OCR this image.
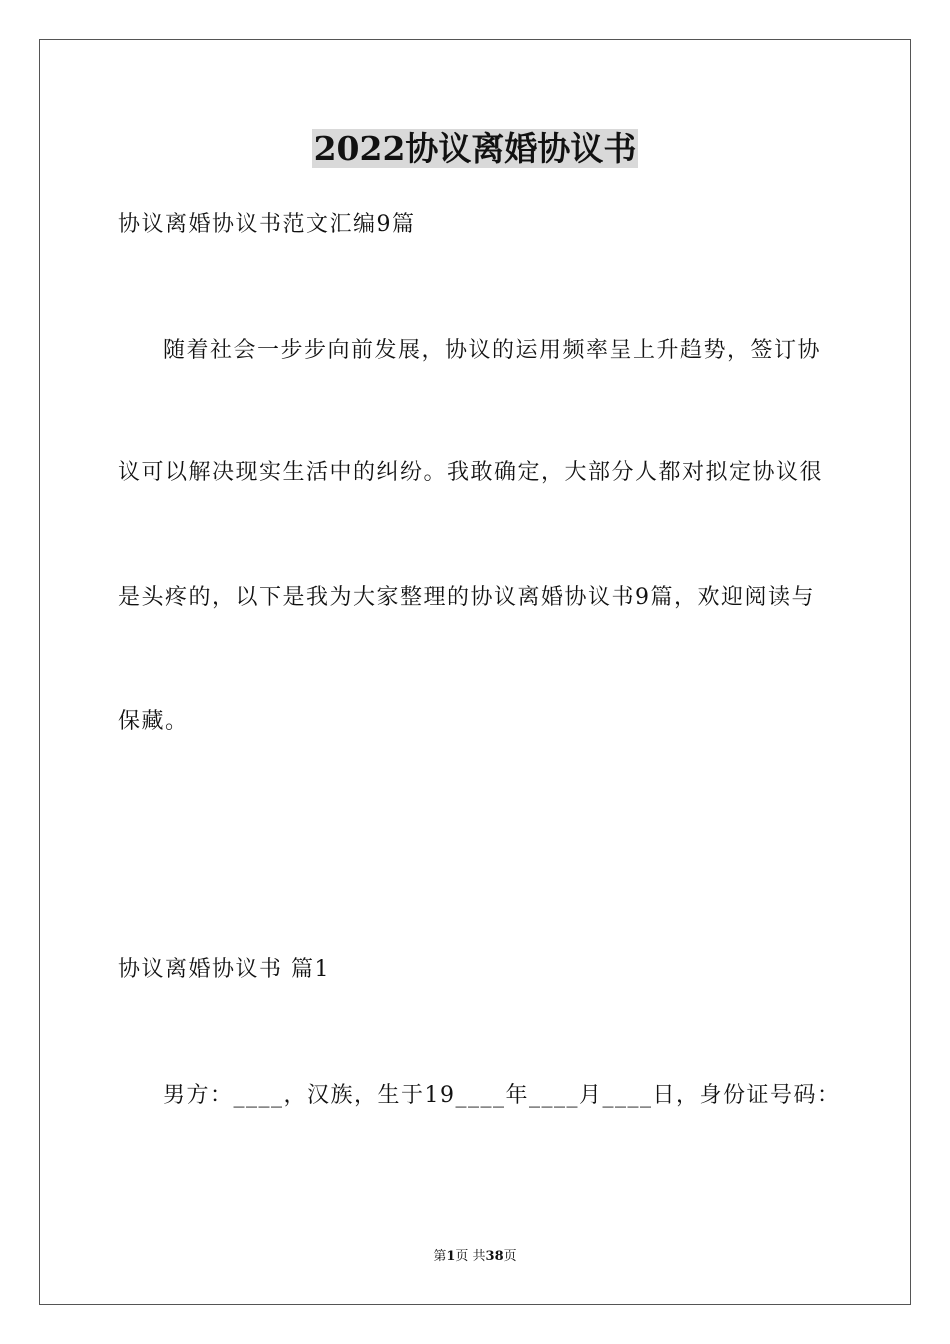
2022协议离婚协议书
协议离婚协议书范文汇编9篇
随着社会一步步向前发展，协议的运用频率呈上升趋势，签订协
议可以解决现实生活中的纠纷。我敢确定，大部分人都对拟定协议很
是头疼的，以下是我为大家整理的协议离婚协议书9篇，欢迎阅读与
保藏。
协议离婚协议书 篇1
男方：____，汉族，生于19____年____月____日，身份证号码：
第1页 共38页
